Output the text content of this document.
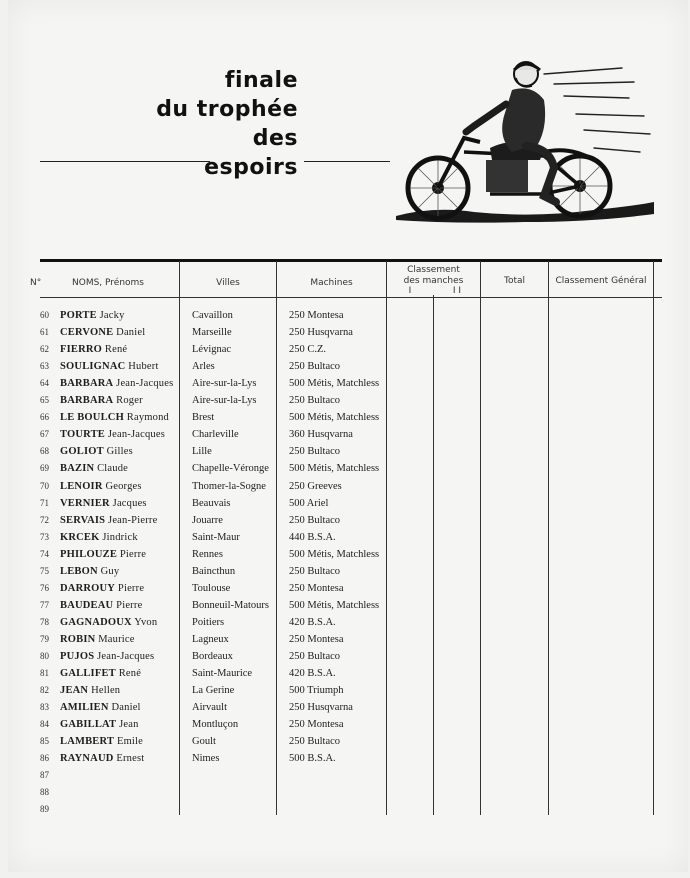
finale
du trophée
des
espoirs
N°	NOMS, Prénoms	Villes	Machines
Classement
des manches
I	I I
Total	Classement Général
60	PORTE Jacky	Cavaillon	250 Montesa
61	CERVONE Daniel	Marseille	250 Husqvarna
62	FIERRO René	Lévignac	250 C.Z.
63	SOULIGNAC Hubert	Arles	250 Bultaco
64	BARBARA Jean-Jacques	Aire-sur-la-Lys	500 Métis, Matchless
65	BARBARA Roger	Aire-sur-la-Lys	250 Bultaco
66	LE BOULCH Raymond	Brest	500 Métis, Matchless
67	TOURTE Jean-Jacques	Charleville	360 Husqvarna
68	GOLIOT Gilles	Lille	250 Bultaco
69	BAZIN Claude	Chapelle-Véronge	500 Métis, Matchless
70	LENOIR Georges	Thomer-la-Sogne	250 Greeves
71	VERNIER Jacques	Beauvais	500 Ariel
72	SERVAIS Jean-Pierre	Jouarre	250 Bultaco
73	KRCEK Jindrick	Saint-Maur	440 B.S.A.
74	PHILOUZE Pierre	Rennes	500 Métis, Matchless
75	LEBON Guy	Baincthun	250 Bultaco
76	DARROUY Pierre	Toulouse	250 Montesa
77	BAUDEAU Pierre	Bonneuil-Matours	500 Métis, Matchless
78	GAGNADOUX Yvon	Poitiers	420 B.S.A.
79	ROBIN Maurice	Lagneux	250 Montesa
80	PUJOS Jean-Jacques	Bordeaux	250 Bultaco
81	GALLIFET René	Saint-Maurice	420 B.S.A.
82	JEAN Hellen	La Gerine	500 Triumph
83	AMILIEN Daniel	Airvault	250 Husqvarna
84	GABILLAT Jean	Montluçon	250 Montesa
85	LAMBERT Emile	Goult	250 Bultaco
86	RAYNAUD Ernest	Nimes	500 B.S.A.
87
88
89
